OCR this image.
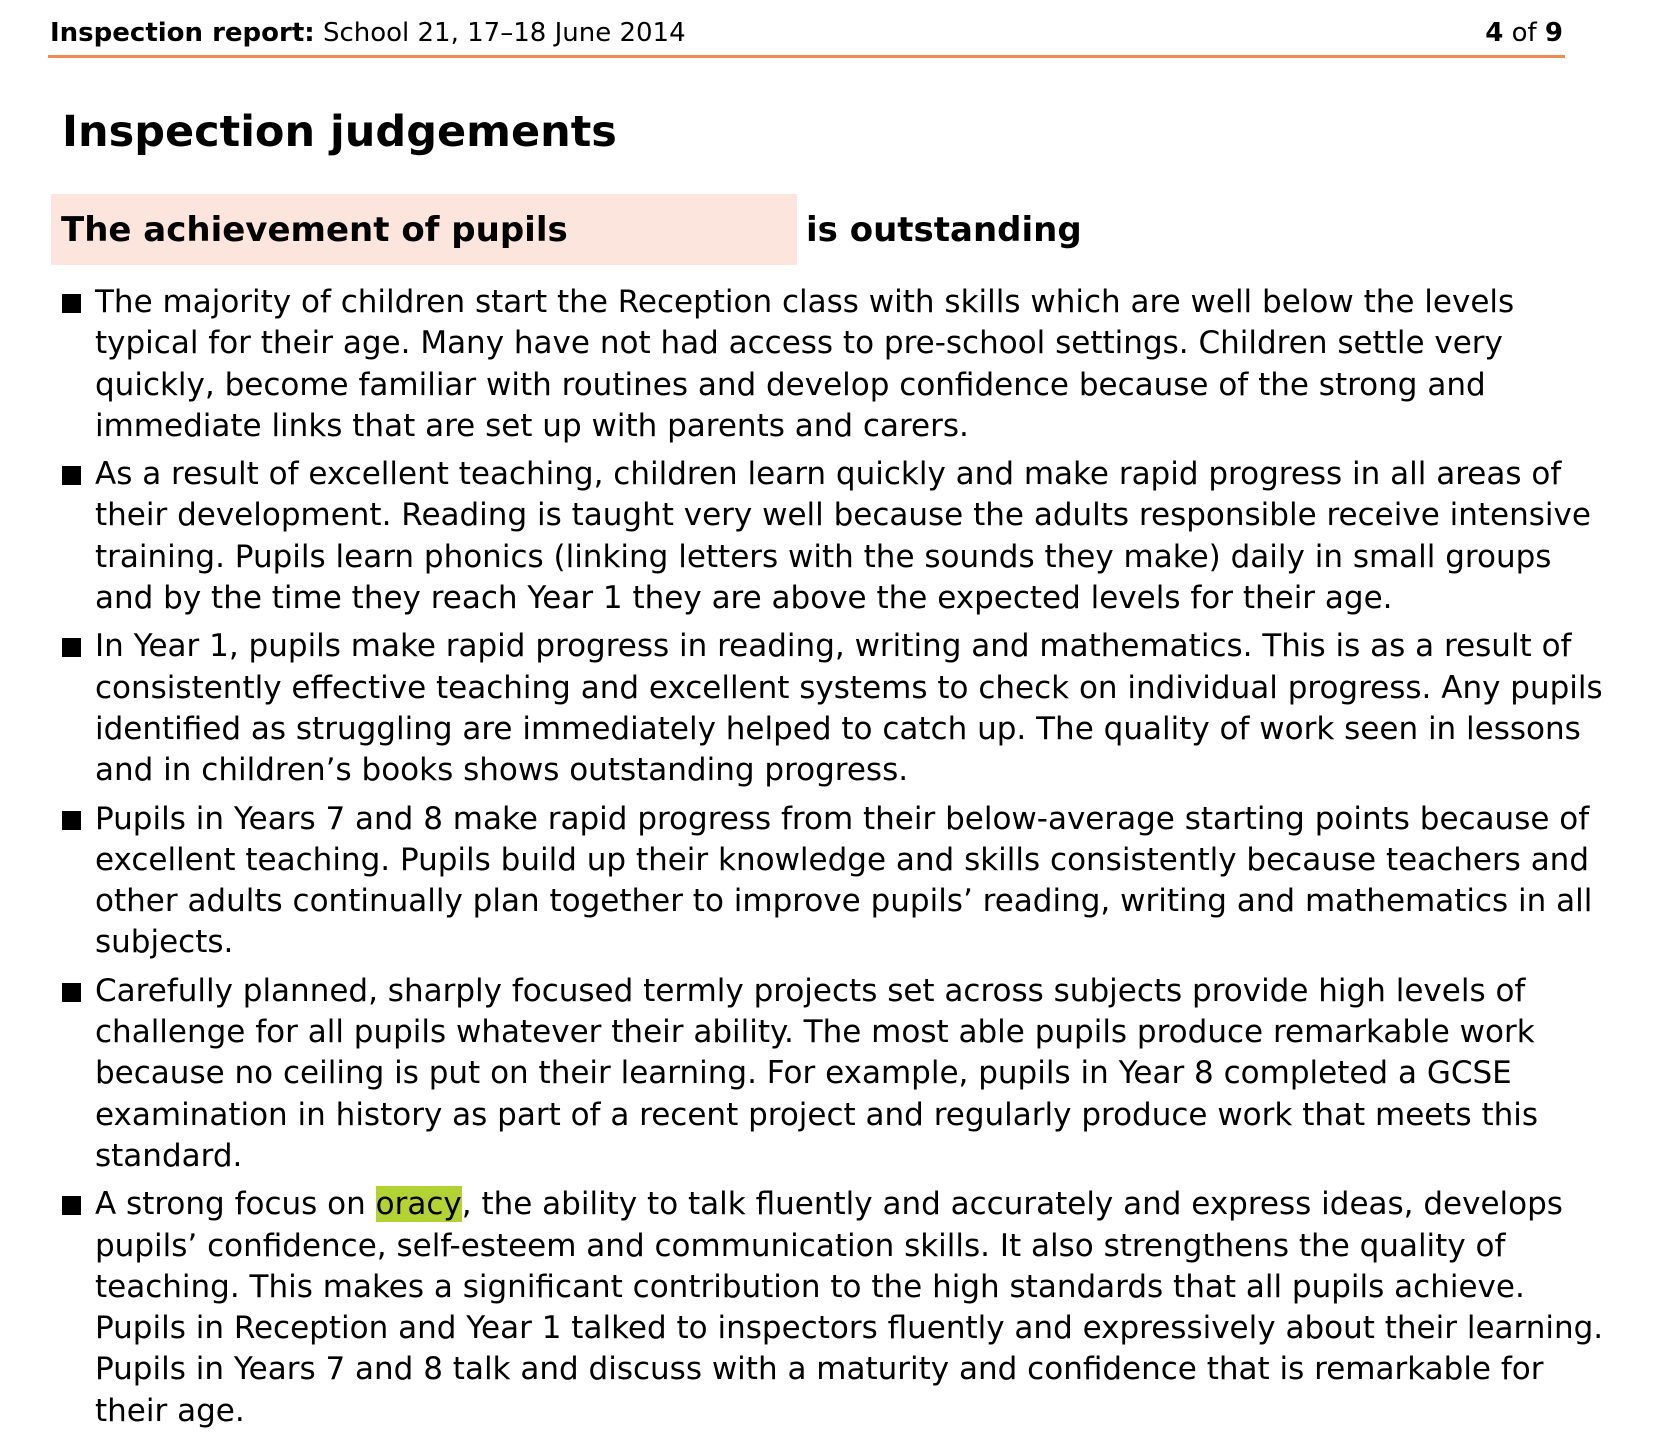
Inspection report: School 21, 17–18 June 2014	4 of 9
Inspection judgements
The achievement of pupils	is outstanding
The majority of children start the Reception class with skills which are well below the levels
typical for their age. Many have not had access to pre-school settings. Children settle very
quickly, become familiar with routines and develop confidence because of the strong and
immediate links that are set up with parents and carers.
As a result of excellent teaching, children learn quickly and make rapid progress in all areas of
their development. Reading is taught very well because the adults responsible receive intensive
training. Pupils learn phonics (linking letters with the sounds they make) daily in small groups
and by the time they reach Year 1 they are above the expected levels for their age.
In Year 1, pupils make rapid progress in reading, writing and mathematics. This is as a result of
consistently effective teaching and excellent systems to check on individual progress. Any pupils
identified as struggling are immediately helped to catch up. The quality of work seen in lessons
and in children’s books shows outstanding progress.
Pupils in Years 7 and 8 make rapid progress from their below-average starting points because of
excellent teaching. Pupils build up their knowledge and skills consistently because teachers and
other adults continually plan together to improve pupils’ reading, writing and mathematics in all
subjects.
Carefully planned, sharply focused termly projects set across subjects provide high levels of
challenge for all pupils whatever their ability. The most able pupils produce remarkable work
because no ceiling is put on their learning. For example, pupils in Year 8 completed a GCSE
examination in history as part of a recent project and regularly produce work that meets this
standard.
A strong focus on oracy, the ability to talk fluently and accurately and express ideas, develops
pupils’ confidence, self-esteem and communication skills. It also strengthens the quality of
teaching. This makes a significant contribution to the high standards that all pupils achieve.
Pupils in Reception and Year 1 talked to inspectors fluently and expressively about their learning.
Pupils in Years 7 and 8 talk and discuss with a maturity and confidence that is remarkable for
their age.
